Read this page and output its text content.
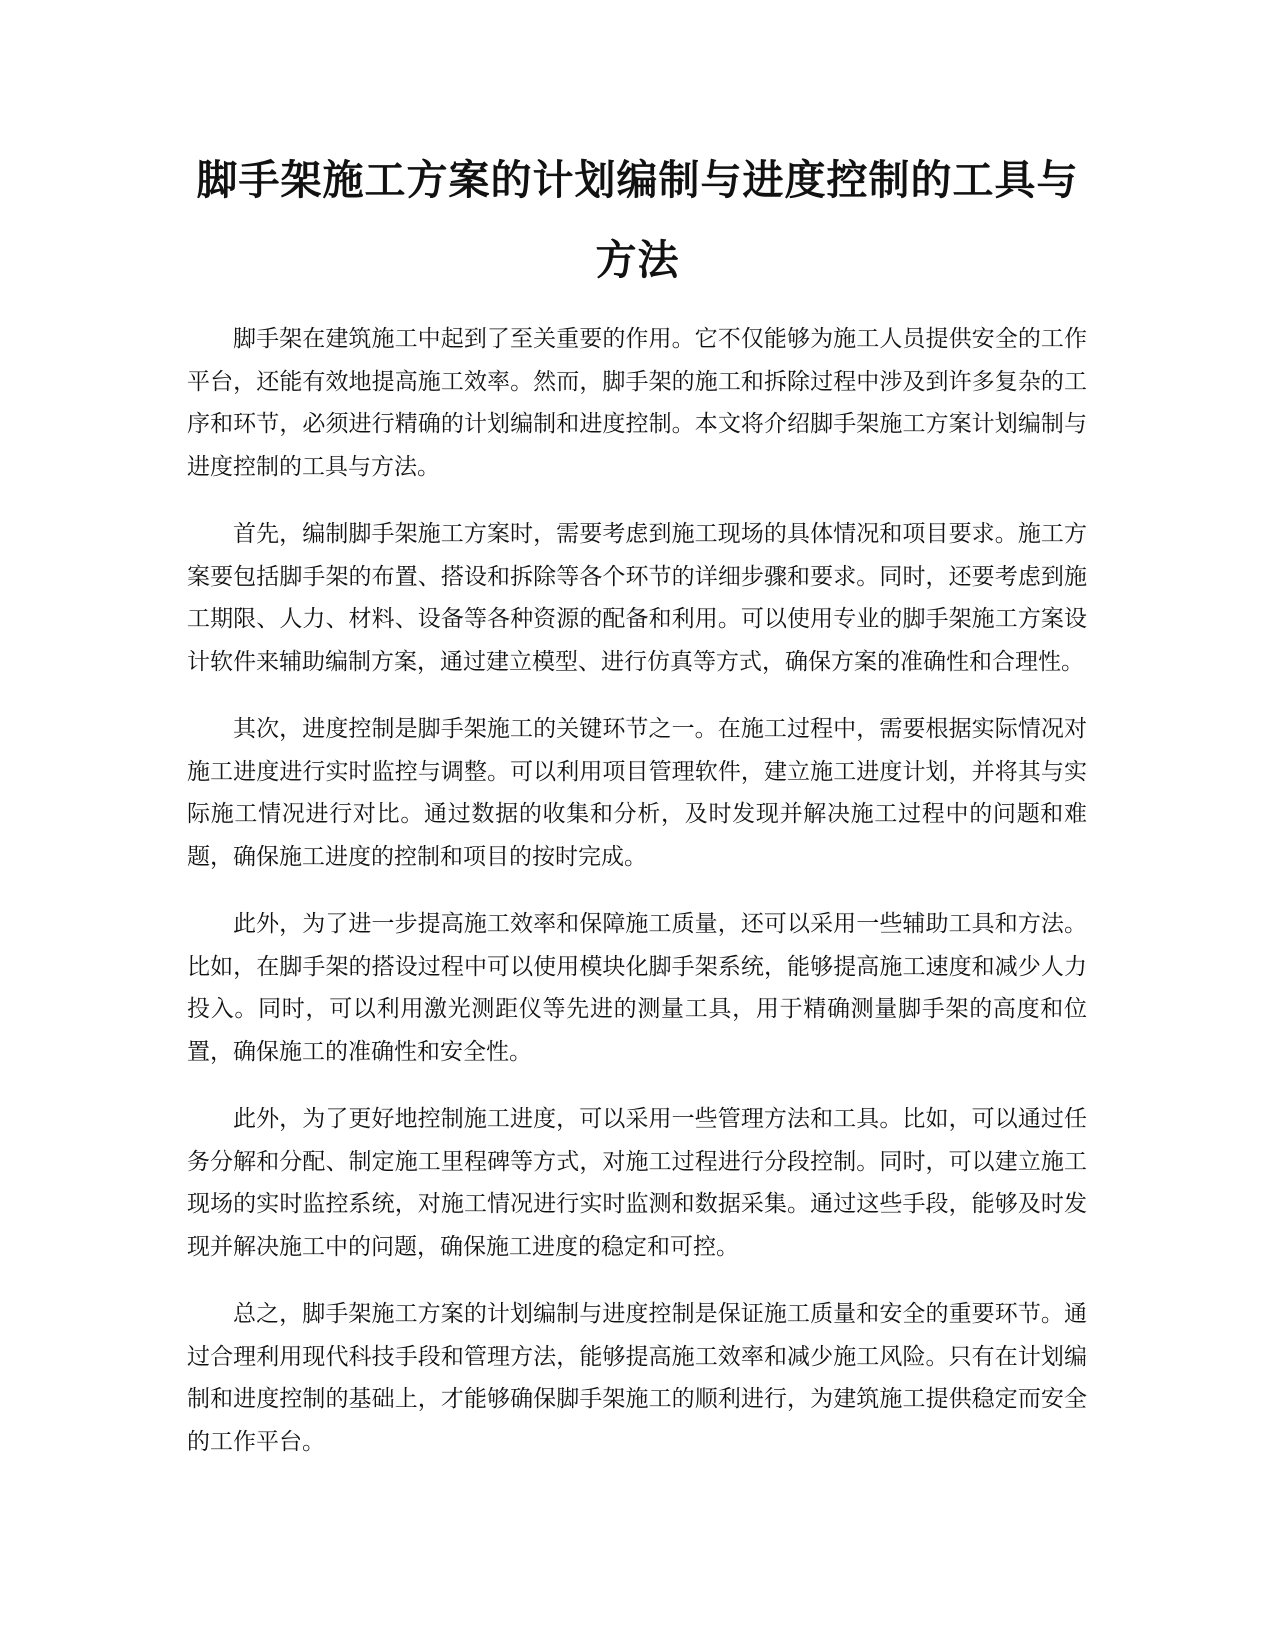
脚手架施工方案的计划编制与进度控制的工具与方法

脚手架在建筑施工中起到了至关重要的作用。它不仅能够为施工人员提供安全的工作平台，还能有效地提高施工效率。然而，脚手架的施工和拆除过程中涉及到许多复杂的工序和环节，必须进行精确的计划编制和进度控制。本文将介绍脚手架施工方案计划编制与进度控制的工具与方法。

首先，编制脚手架施工方案时，需要考虑到施工现场的具体情况和项目要求。施工方案要包括脚手架的布置、搭设和拆除等各个环节的详细步骤和要求。同时，还要考虑到施工期限、人力、材料、设备等各种资源的配备和利用。可以使用专业的脚手架施工方案设计软件来辅助编制方案，通过建立模型、进行仿真等方式，确保方案的准确性和合理性。

其次，进度控制是脚手架施工的关键环节之一。在施工过程中，需要根据实际情况对施工进度进行实时监控与调整。可以利用项目管理软件，建立施工进度计划，并将其与实际施工情况进行对比。通过数据的收集和分析，及时发现并解决施工过程中的问题和难题，确保施工进度的控制和项目的按时完成。

此外，为了进一步提高施工效率和保障施工质量，还可以采用一些辅助工具和方法。比如，在脚手架的搭设过程中可以使用模块化脚手架系统，能够提高施工速度和减少人力投入。同时，可以利用激光测距仪等先进的测量工具，用于精确测量脚手架的高度和位置，确保施工的准确性和安全性。

此外，为了更好地控制施工进度，可以采用一些管理方法和工具。比如，可以通过任务分解和分配、制定施工里程碑等方式，对施工过程进行分段控制。同时，可以建立施工现场的实时监控系统，对施工情况进行实时监测和数据采集。通过这些手段，能够及时发现并解决施工中的问题，确保施工进度的稳定和可控。

总之，脚手架施工方案的计划编制与进度控制是保证施工质量和安全的重要环节。通过合理利用现代科技手段和管理方法，能够提高施工效率和减少施工风险。只有在计划编制和进度控制的基础上，才能够确保脚手架施工的顺利进行，为建筑施工提供稳定而安全的工作平台。
